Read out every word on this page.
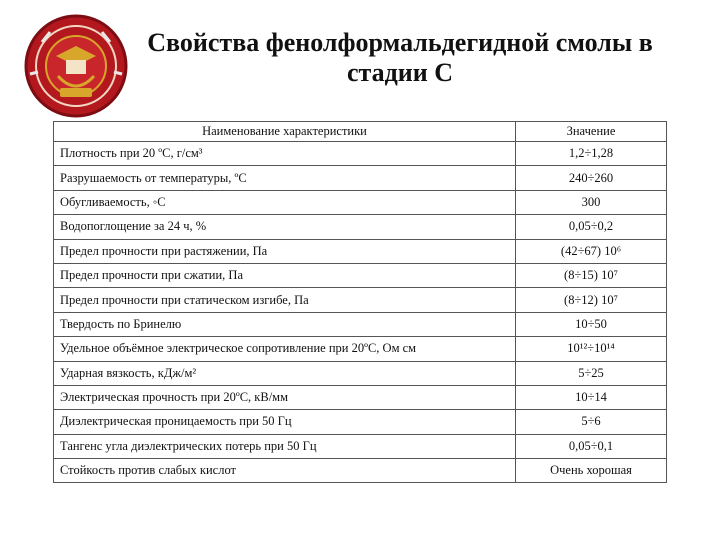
Свойства фенолформальдегидной смолы в
стадии С
Наименование характеристики	Значение
Плотность при 20 ºС, г/см³	1,2÷1,28
Разрушаемость от температуры, ºС	240÷260
Обугливаемость, ◦С	300
Водопоглощение за 24 ч, %	0,05÷0,2
Предел прочности при растяжении, Па	(42÷67) 10⁶
Предел прочности при сжатии, Па	(8÷15) 10⁷
Предел прочности при статическом изгибе, Па	(8÷12) 10⁷
Твердость по Бринелю	10÷50
Удельное объёмное электрическое сопротивление при 20ºС, Ом см	10¹²÷10¹⁴
Ударная вязкость, кДж/м²	5÷25
Электрическая прочность при 20ºС, кВ/мм	10÷14
Диэлектрическая проницаемость при 50 Гц	5÷6
Тангенс угла диэлектрических потерь при 50 Гц	0,05÷0,1
Стойкость против слабых кислот	Очень хорошая
